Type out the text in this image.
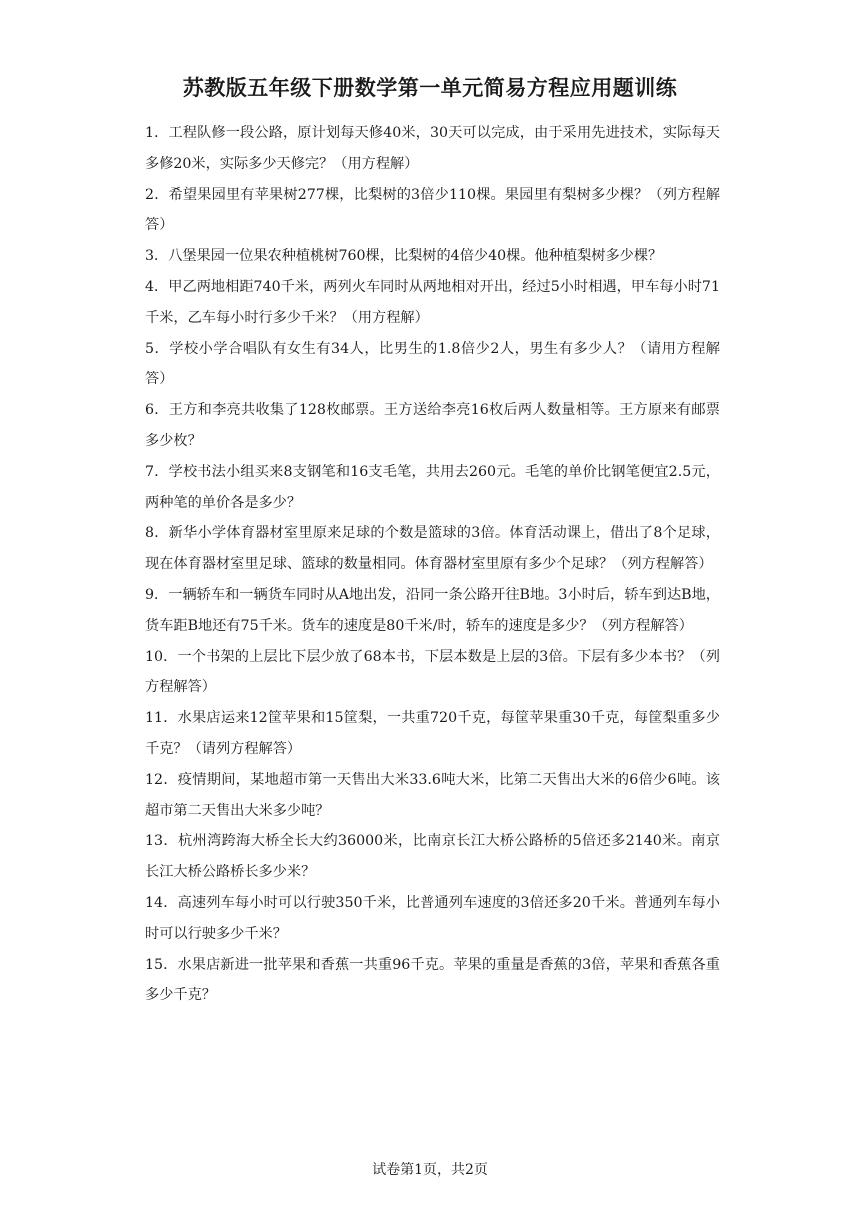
苏教版五年级下册数学第一单元简易方程应用题训练

1．工程队修一段公路，原计划每天修40米，30天可以完成，由于采用先进技术，实际每天多修20米，实际多少天修完？（用方程解）

2．希望果园里有苹果树277棵，比梨树的3倍少110棵。果园里有梨树多少棵？（列方程解答）

3．八堡果园一位果农种植桃树760棵，比梨树的4倍少40棵。他种植梨树多少棵？

4．甲乙两地相距740千米，两列火车同时从两地相对开出，经过5小时相遇，甲车每小时71千米，乙车每小时行多少千米？（用方程解）

5．学校小学合唱队有女生有34人，比男生的1.8倍少2人，男生有多少人？（请用方程解答）

6．王方和李亮共收集了128枚邮票。王方送给李亮16枚后两人数量相等。王方原来有邮票多少枚？

7．学校书法小组买来8支钢笔和16支毛笔，共用去260元。毛笔的单价比钢笔便宜2.5元，两种笔的单价各是多少？

8．新华小学体育器材室里原来足球的个数是篮球的3倍。体育活动课上，借出了8个足球，现在体育器材室里足球、篮球的数量相同。体育器材室里原有多少个足球？（列方程解答）

9．一辆轿车和一辆货车同时从A地出发，沿同一条公路开往B地。3小时后，轿车到达B地，货车距B地还有75千米。货车的速度是80千米/时，轿车的速度是多少？（列方程解答）

10．一个书架的上层比下层少放了68本书，下层本数是上层的3倍。下层有多少本书？（列方程解答）

11．水果店运来12筐苹果和15筐梨，一共重720千克，每筐苹果重30千克，每筐梨重多少千克？（请列方程解答）

12．疫情期间，某地超市第一天售出大米33.6吨大米，比第二天售出大米的6倍少6吨。该超市第二天售出大米多少吨？

13．杭州湾跨海大桥全长大约36000米，比南京长江大桥公路桥的5倍还多2140米。南京长江大桥公路桥长多少米？

14．高速列车每小时可以行驶350千米，比普通列车速度的3倍还多20千米。普通列车每小时可以行驶多少千米？

15．水果店新进一批苹果和香蕉一共重96千克。苹果的重量是香蕉的3倍，苹果和香蕉各重多少千克？

试卷第1页，共2页
